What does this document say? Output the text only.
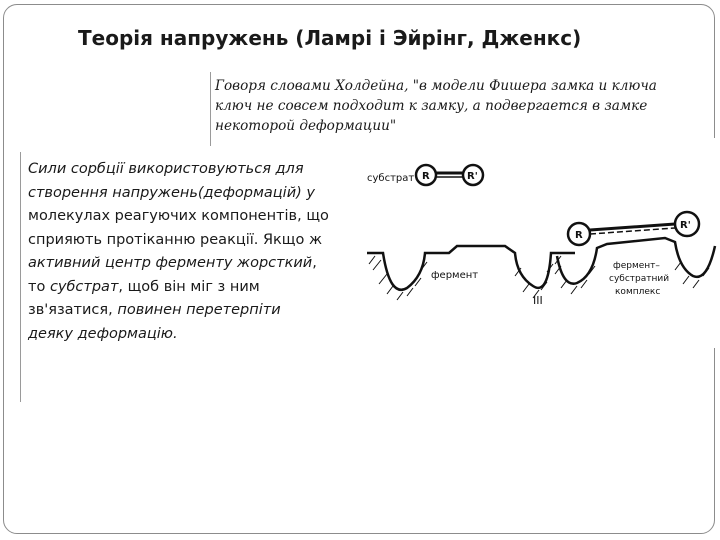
Теорія напружень (Ламрі і Эйрінг, Дженкс)
Говоря словами Холдейна, "в модели Фишера замка и ключа ключ не совсем подходит к замку, а подвергается в замке некоторой деформации"
Сили сорбції використовуються для створення напружень(деформацій) у молекулах реагуючих компонентів, що сприяють протіканню реакції. Якщо ж активний центр ферменту жорсткий, то субстрат, щоб він міг з ним зв'язатися, повинен перетерпіти деяку деформацію.
субстрат R	R'
фермент
III
R
R'
фермент–
субстратний
комплекс
